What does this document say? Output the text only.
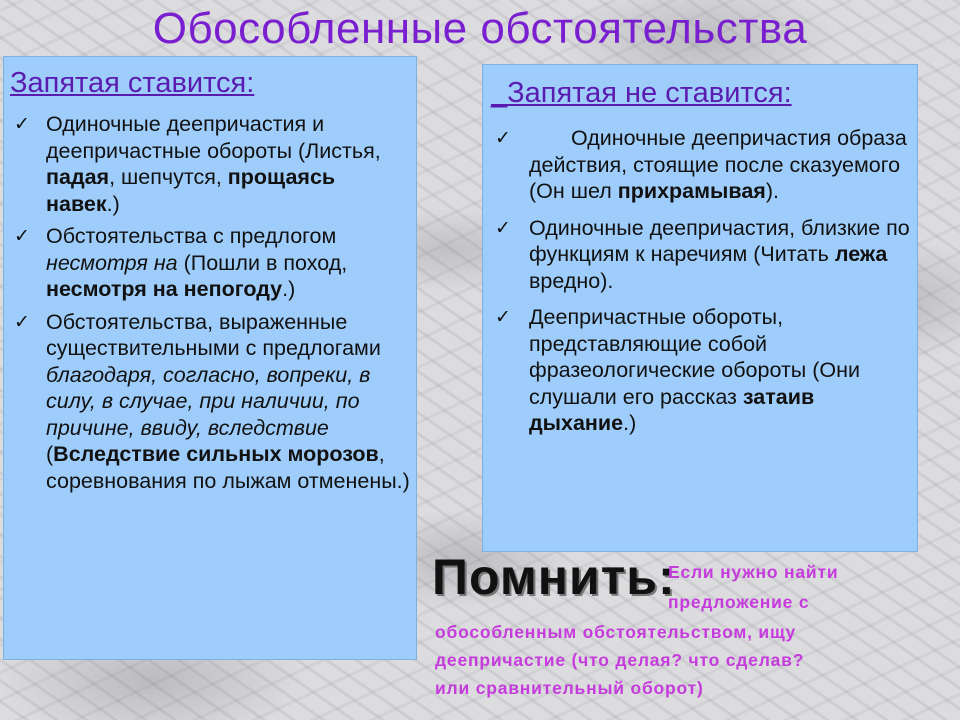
Обособленные обстоятельства
Запятая ставится:
✓ Одиночные деепричастия и деепричастные обороты (Листья, падая, шепчутся, прощаясь навек.)
✓ Обстоятельства с предлогом несмотря на (Пошли в поход, несмотря на непогоду.)
✓ Обстоятельства, выраженные существительными с предлогами благодаря, согласно, вопреки, в силу, в случае, при наличии, по причине, ввиду, вследствие (Вследствие сильных морозов, соревнования по лыжам отменены.)
_Запятая не ставится:
✓	Одиночные деепричастия образа действия, стоящие после сказуемого (Он шел прихрамывая).
✓ Одиночные деепричастия, близкие по функциям к наречиям (Читать лежа вредно).
✓ Деепричастные обороты, представляющие собой фразеологические обороты (Они слушали его рассказ затаив дыхание.)
Помнить:
Если нужно найти
предложение с
обособленным обстоятельством, ищу
деепричастие (что делая? что сделав?
или сравнительный оборот)
